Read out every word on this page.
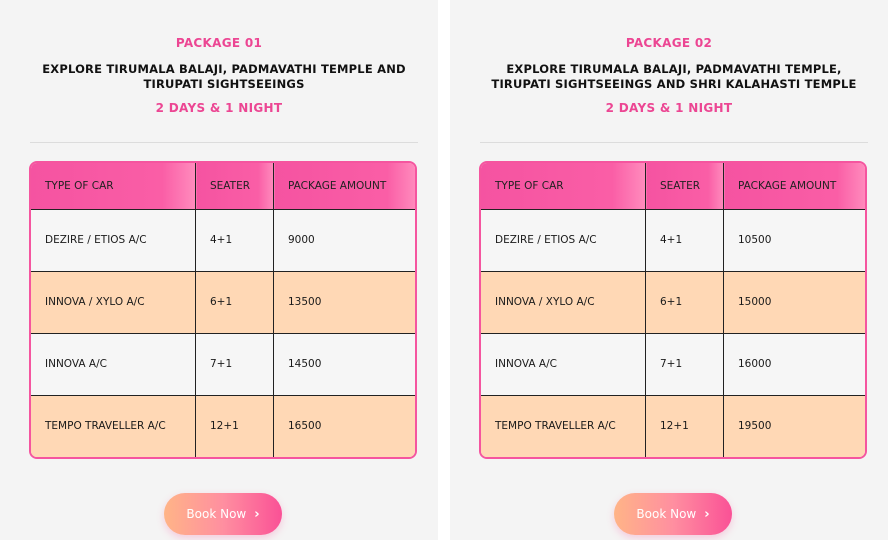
PACKAGE 01
EXPLORE TIRUMALA BALAJI, PADMAVATHI TEMPLE AND TIRUPATI SIGHTSEEINGS
2 DAYS & 1 NIGHT
TYPE OF CAR	SEATER	PACKAGE AMOUNT
DEZIRE / ETIOS A/C	4+1	9000
INNOVA / XYLO A/C	6+1	13500
INNOVA A/C	7+1	14500
TEMPO TRAVELLER A/C	12+1	16500
Book Now ›
PACKAGE 02
EXPLORE TIRUMALA BALAJI, PADMAVATHI TEMPLE, TIRUPATI SIGHTSEEINGS AND SHRI KALAHASTI TEMPLE
2 DAYS & 1 NIGHT
TYPE OF CAR	SEATER	PACKAGE AMOUNT
DEZIRE / ETIOS A/C	4+1	10500
INNOVA / XYLO A/C	6+1	15000
INNOVA A/C	7+1	16000
TEMPO TRAVELLER A/C	12+1	19500
Book Now ›
